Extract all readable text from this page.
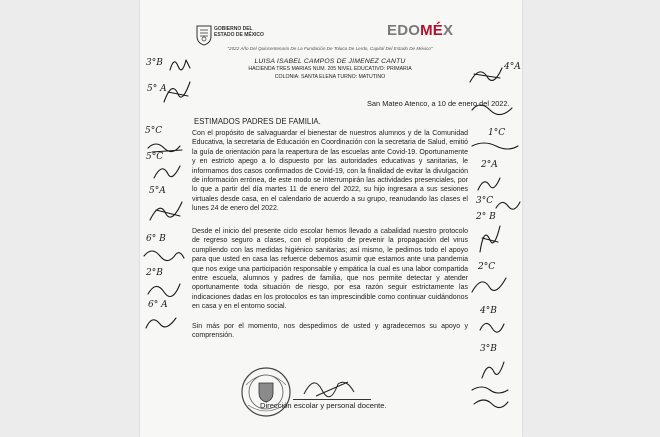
GOBIERNO DEL
ESTADO DE MÉXICO	EDOMÉX
"2022 Año Del Quincentenario De La Fundación De Toluca De Lerdo, Capital Del Estado De México"
LUISA ISABEL CAMPOS DE JIMENEZ CANTU
HACIENDA TRES MARIAS NUM. 205 NIVEL EDUCATIVO: PRIMARIA
COLONIA: SANTA ELENA TURNO: MATUTINO
San Mateo Atenco, a 10 de enero del 2022.
ESTIMADOS PADRES DE FAMILIA.
Con el propósito de salvaguardar el bienestar de nuestros alumnos y de la Comunidad Educativa, la secretaria de Educación en Coordinación con la secretaria de Salud, emitió la guía de orientación para la reapertura de las escuelas ante Covid-19. Oportunamente y en estricto apego a lo dispuesto por las autoridades educativas y sanitarias, le informamos dos casos confirmados de Covid-19, con la finalidad de evitar la divulgación de información errónea, de este modo se interrumpirán las actividades presenciales, por lo que a partir del día martes 11 de enero del 2022, su hijo ingresara a sus sesiones virtuales desde casa, en el calendario de acuerdo a su grupo, reanudando las clases el lunes 24 de enero del 2022.
Desde el inicio del presente ciclo escolar hemos llevado a cabalidad nuestro protocolo de regreso seguro a clases, con el propósito de prevenir la propagación del virus cumpliendo con las medidas higiénico sanitarias; así mismo, le pedimos todo el apoyo para que usted en casa las refuerce debemos asumir que estamos ante una pandemia que nos exige una participación responsable y empática la cual es una labor compartida entre escuela, alumnos y padres de familia, que nos permite detectar y atender oportunamente toda situación de riesgo, por esa razón seguir estrictamente las indicaciones dadas en los protocolos es tan imprescindible como continuar cuidándonos en casa y en el entorno social.
Sin más por el momento, nos despedimos de usted y agradecemos su apoyo y comprensión.
Dirección escolar y personal docente.
3°B
5° A
5°C
5°C
5°A
6° B
2°B
6° A
4°A
1°C
2°A
3°C
2° B
2°C
4°B
3°B
